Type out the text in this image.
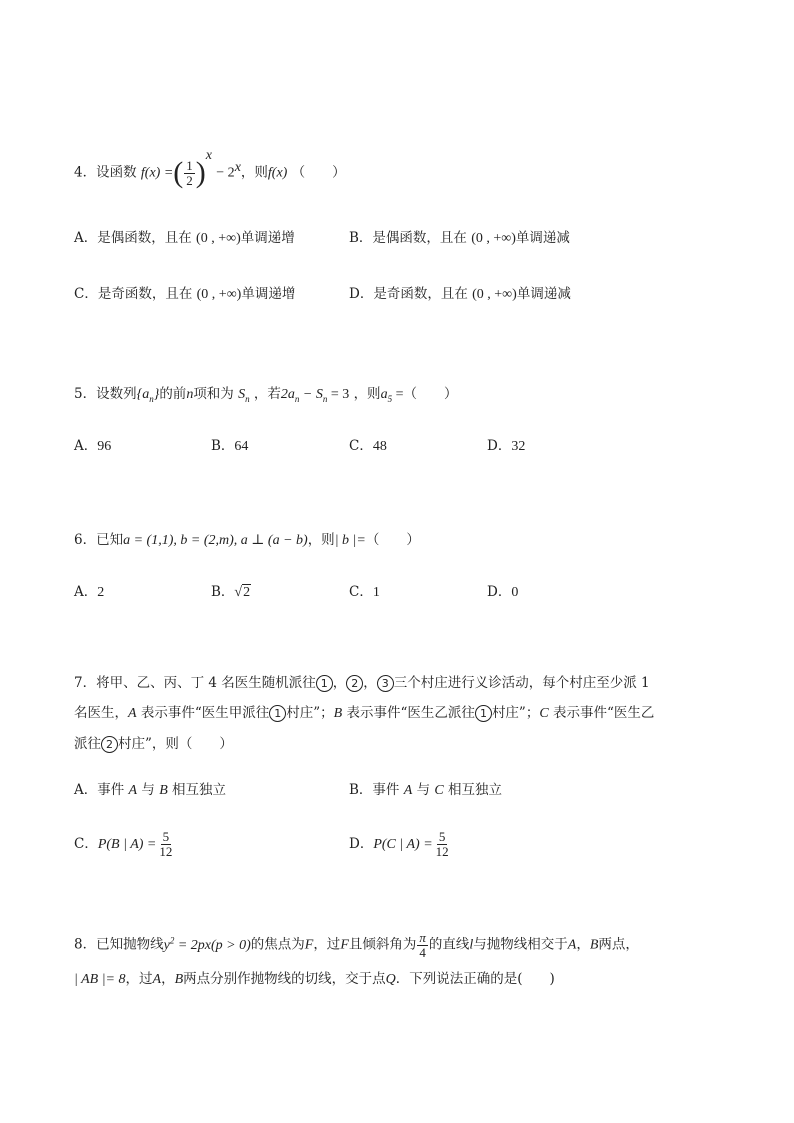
4．设函数 f(x) =( $\frac{1}{2} )^x - 2^x$，则f(x) （　　）
A．是偶函数，且在 (0 , +∞)单调递增	B．是偶函数，且在 (0 , +∞)单调递减
C．是奇函数，且在 (0 , +∞)单调递增	D．是奇函数，且在 (0 , +∞)单调递减
5．设数列$\{a_n\}$的前n项和为 $S_n$ ，若$2a_n - S_n = 3$ ，则$a_5$ =（　　）
A．96	B．64	C．48	D．32
6．已知a = (1,1), b = (2,m), a ⊥ (a − b)，则| b |=（　　）
A．2	B．√2	C．1	D．0
7．将甲、乙、丙、丁 4 名医生随机派往 1 ， 2 ， 3 三个村庄进行义诊活动，每个村庄至少派 1
名医生，A 表示事件“医生甲派往 1 村庄”；B 表示事件“医生乙派往 1 村庄”；C 表示事件“医生乙
派往 2 村庄”，则（　　）
A．事件 A 与 B 相互独立	B．事件 A 与 C 相互独立
C．P(B | $A) = \frac{5}{12}$	D．P(C | $A) = \frac{5}{12}$
8．已知抛物线$y^2 = 2px(p > 0)$的焦点为F，过F且倾斜角为 $\frac{\pi}{4}$ 的直线l与抛物线相交于A，B两点，
| AB |= 8，过A，B两点分别作抛物线的切线，交于点Q．下列说法正确的是(　　)
